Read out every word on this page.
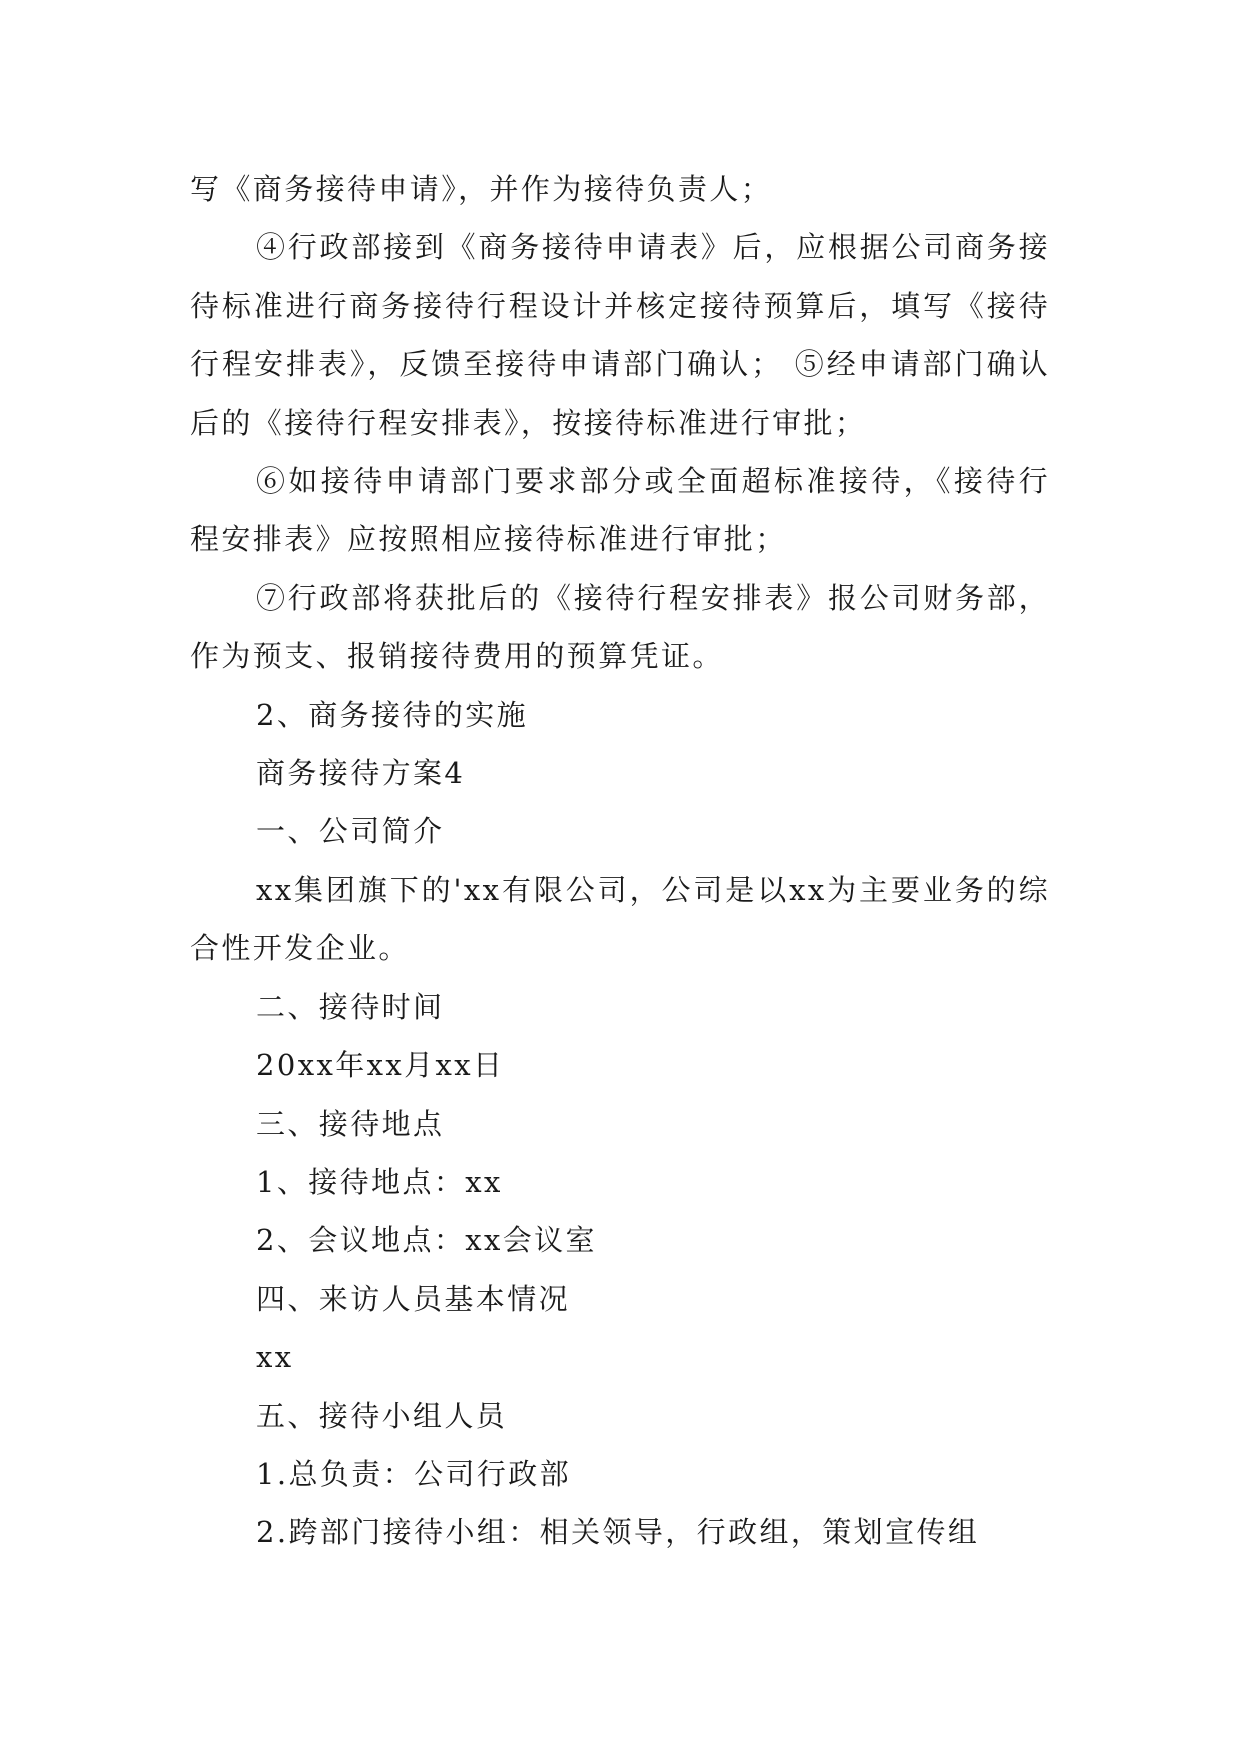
写《商务接待申请》，并作为接待负责人；

④行政部接到《商务接待申请表》后，应根据公司商务接待标准进行商务接待行程设计并核定接待预算后，填写《接待行程安排表》，反馈至接待申请部门确认； ⑤经申请部门确认后的《接待行程安排表》，按接待标准进行审批；

⑥如接待申请部门要求部分或全面超标准接待，《接待行程安排表》应按照相应接待标准进行审批；

⑦行政部将获批后的《接待行程安排表》报公司财务部，作为预支、报销接待费用的预算凭证。

2、商务接待的实施

商务接待方案4

一、公司简介

xx集团旗下的'xx有限公司，公司是以xx为主要业务的综合性开发企业。

二、接待时间

20xx年xx月xx日

三、接待地点

1、接待地点：xx

2、会议地点：xx会议室

四、来访人员基本情况

xx

五、接待小组人员

1.总负责：公司行政部

2.跨部门接待小组：相关领导，行政组，策划宣传组
